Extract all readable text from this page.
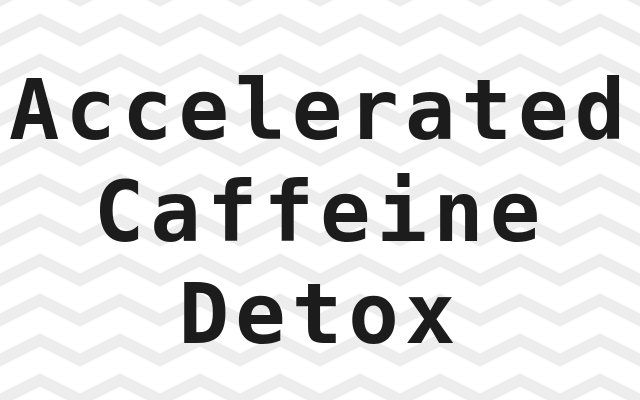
Accelerated
Caffeine
Detox
